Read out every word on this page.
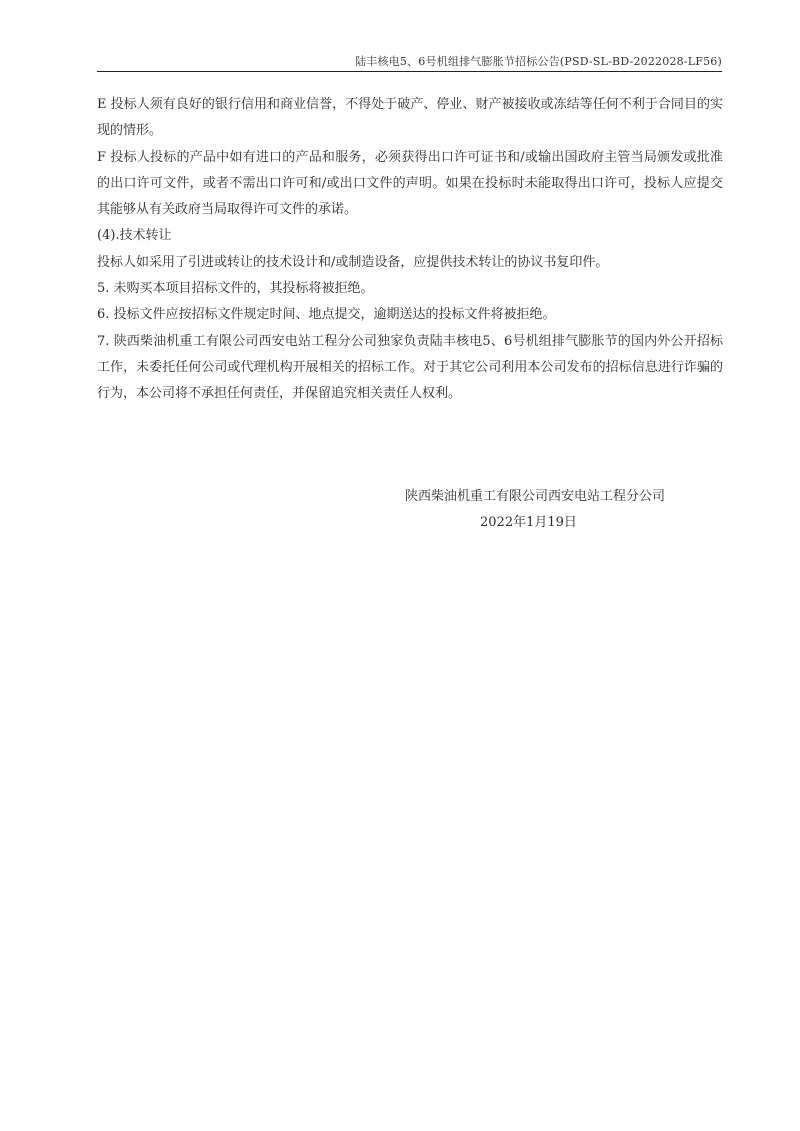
陆丰核电5、6号机组排气膨胀节招标公告(PSD-SL-BD-2022028-LF56)

E 投标人须有良好的银行信用和商业信誉，不得处于破产、停业、财产被接收或冻结等任何不利于合同目的实现的情形。

F 投标人投标的产品中如有进口的产品和服务，必须获得出口许可证书和/或输出国政府主管当局颁发或批准的出口许可文件，或者不需出口许可和/或出口文件的声明。如果在投标时未能取得出口许可，投标人应提交其能够从有关政府当局取得许可文件的承诺。

(4).技术转让

投标人如采用了引进或转让的技术设计和/或制造设备，应提供技术转让的协议书复印件。

5. 未购买本项目招标文件的，其投标将被拒绝。

6. 投标文件应按招标文件规定时间、地点提交，逾期送达的投标文件将被拒绝。

7. 陕西柴油机重工有限公司西安电站工程分公司独家负责陆丰核电5、6号机组排气膨胀节的国内外公开招标工作，未委托任何公司或代理机构开展相关的招标工作。对于其它公司利用本公司发布的招标信息进行诈骗的行为，本公司将不承担任何责任，并保留追究相关责任人权利。

陕西柴油机重工有限公司西安电站工程分公司
2022年1月19日
